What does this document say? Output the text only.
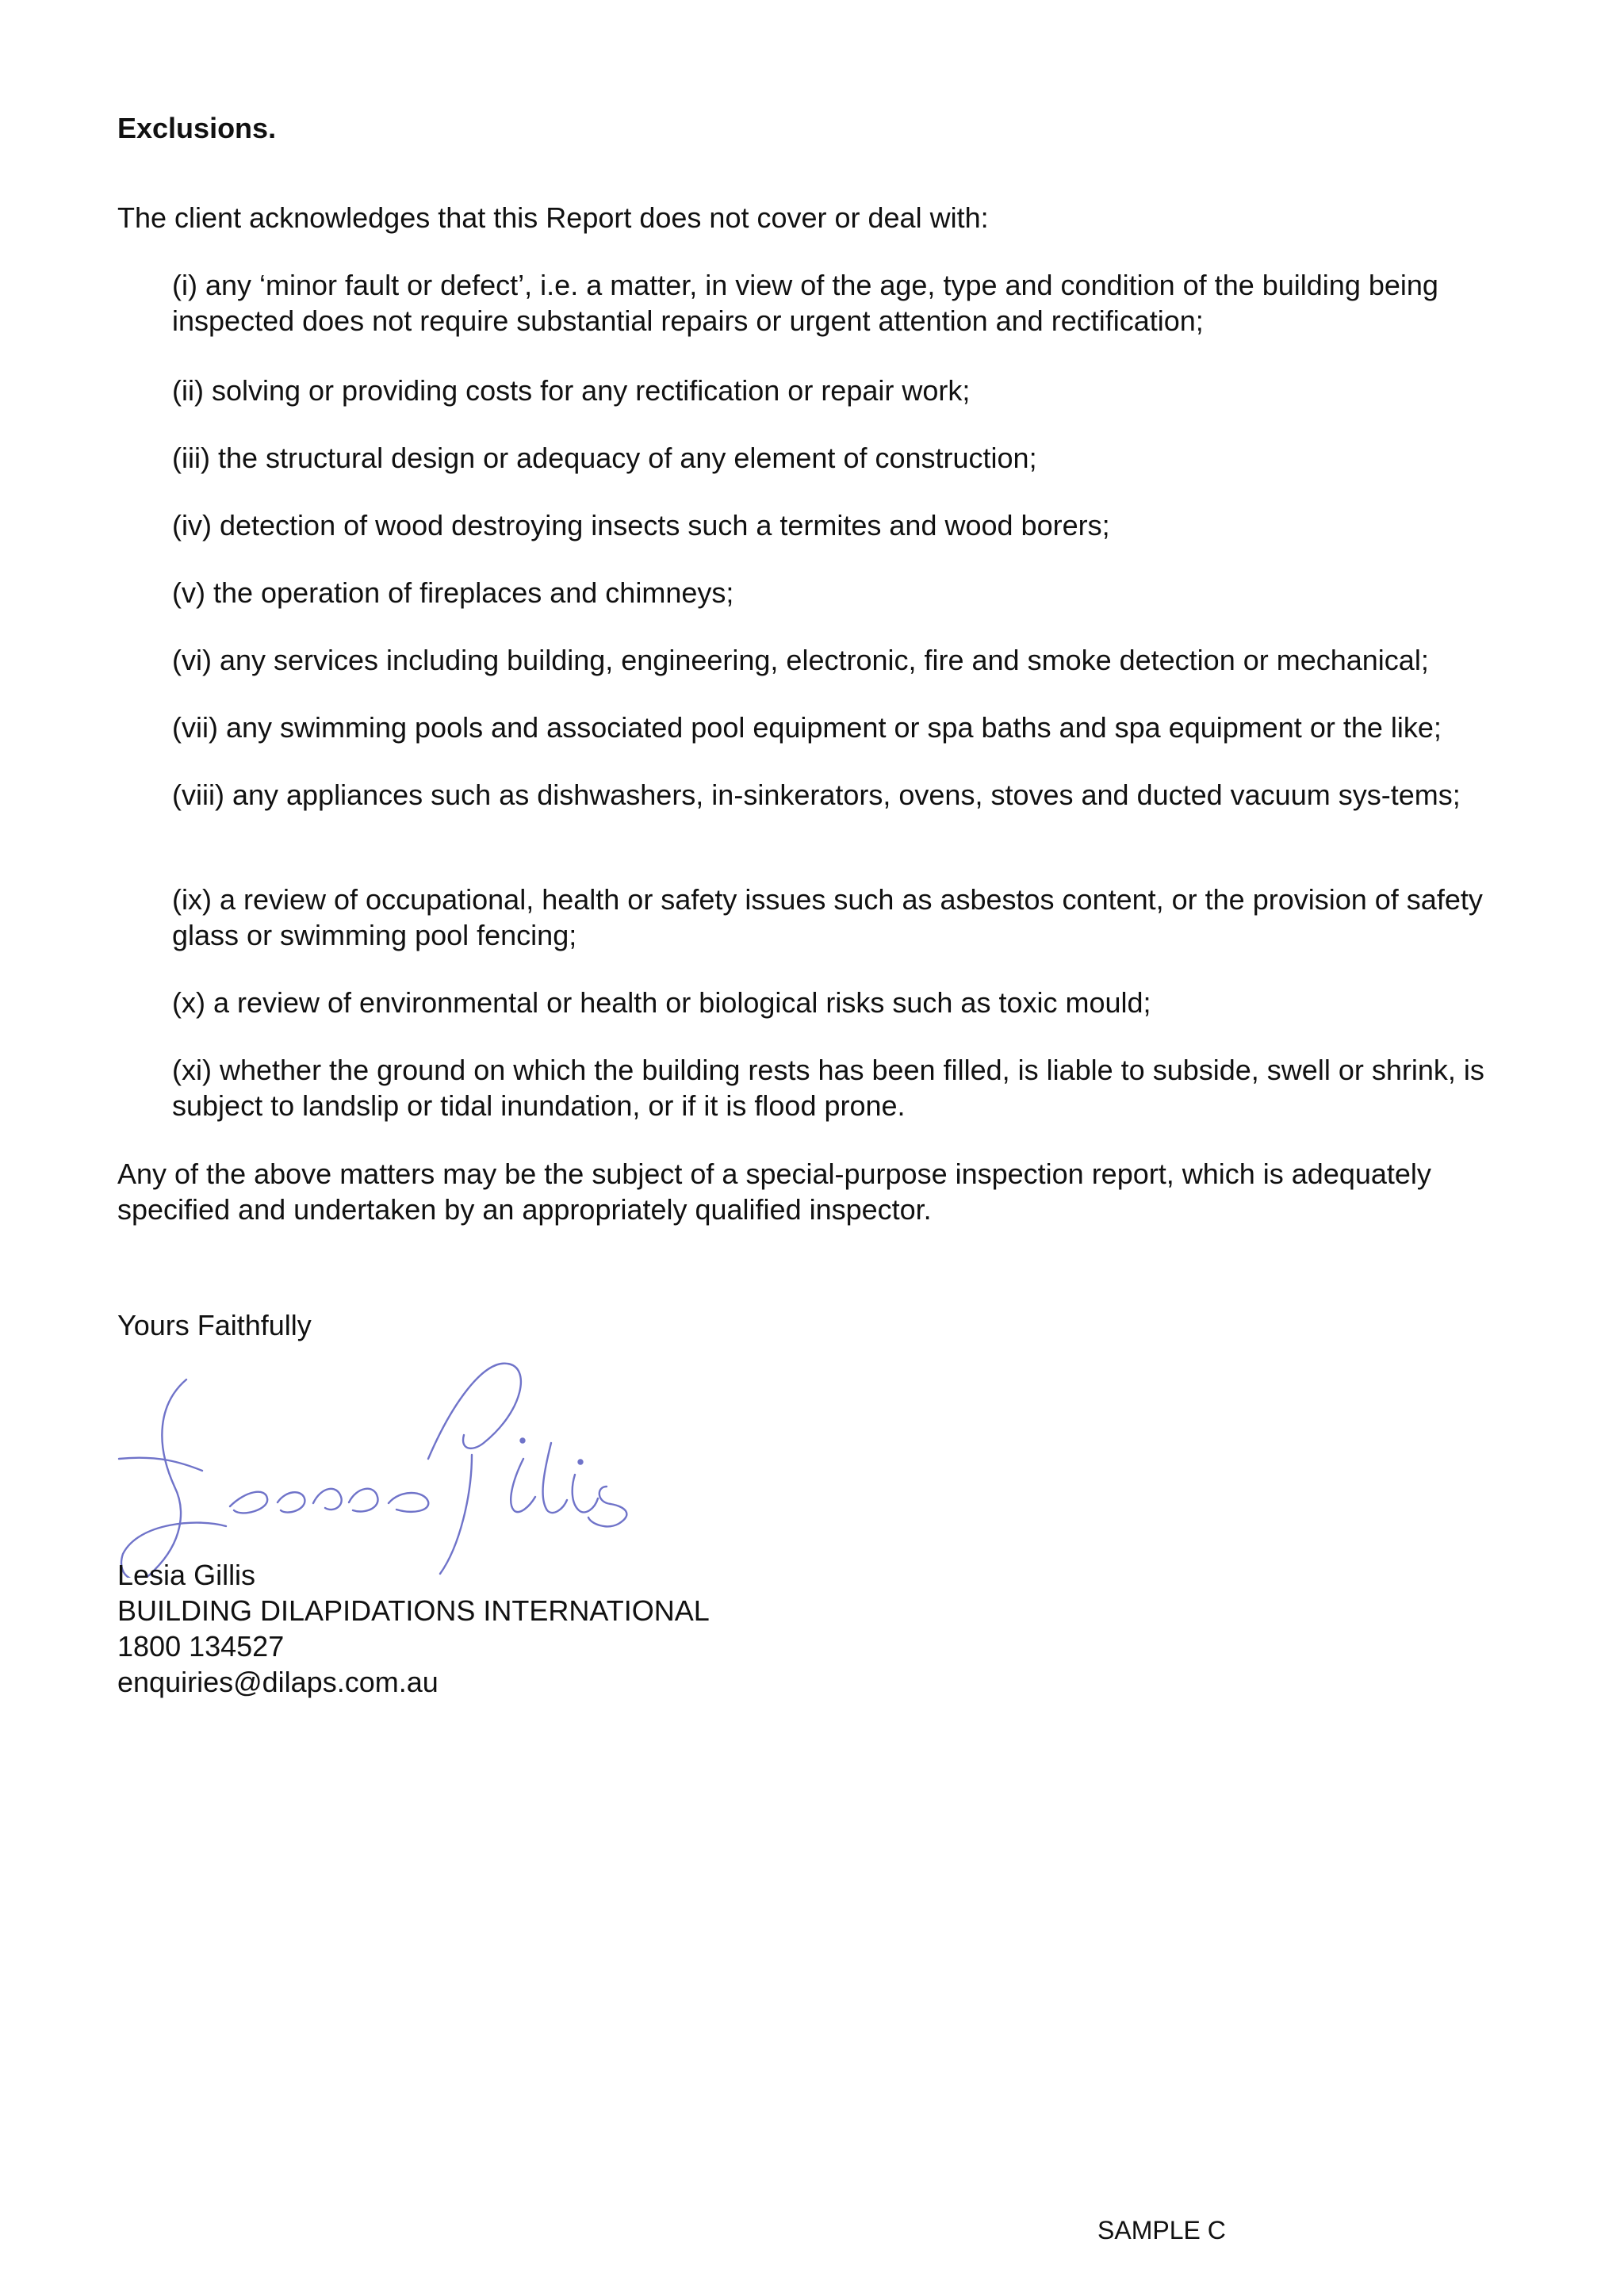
Exclusions.
The client acknowledges that this Report does not cover or deal with:
(i) any ‘minor fault or defect’, i.e. a matter, in view of the age, type and condition of the building being inspected does not require substantial repairs or urgent attention and rectification;
(ii) solving or providing costs for any rectification or repair work;
(iii) the structural design or adequacy of any element of construction;
(iv) detection of wood destroying insects such a termites and wood borers;
(v) the operation of fireplaces and chimneys;
(vi) any services including building, engineering, electronic, fire and smoke detection or mechanical;
(vii) any swimming pools and associated pool equipment or spa baths and spa equipment or the like;
(viii) any appliances such as dishwashers, in-sinkerators, ovens, stoves and ducted vacuum sys-tems;
(ix) a review of occupational, health or safety issues such as asbestos content, or the provision of safety glass or swimming pool fencing;
(x) a review of environmental or health or biological risks such as toxic mould;
(xi) whether the ground on which the building rests has been filled, is liable to subside, swell or shrink, is subject to landslip or tidal inundation, or if it is flood prone.
Any of the above matters may be the subject of a special-purpose inspection report, which is adequately specified and undertaken by an appropriately qualified inspector.
Yours Faithfully
Lesia Gillis
BUILDING DILAPIDATIONS INTERNATIONAL
1800 134527
enquiries@dilaps.com.au
SAMPLE C
